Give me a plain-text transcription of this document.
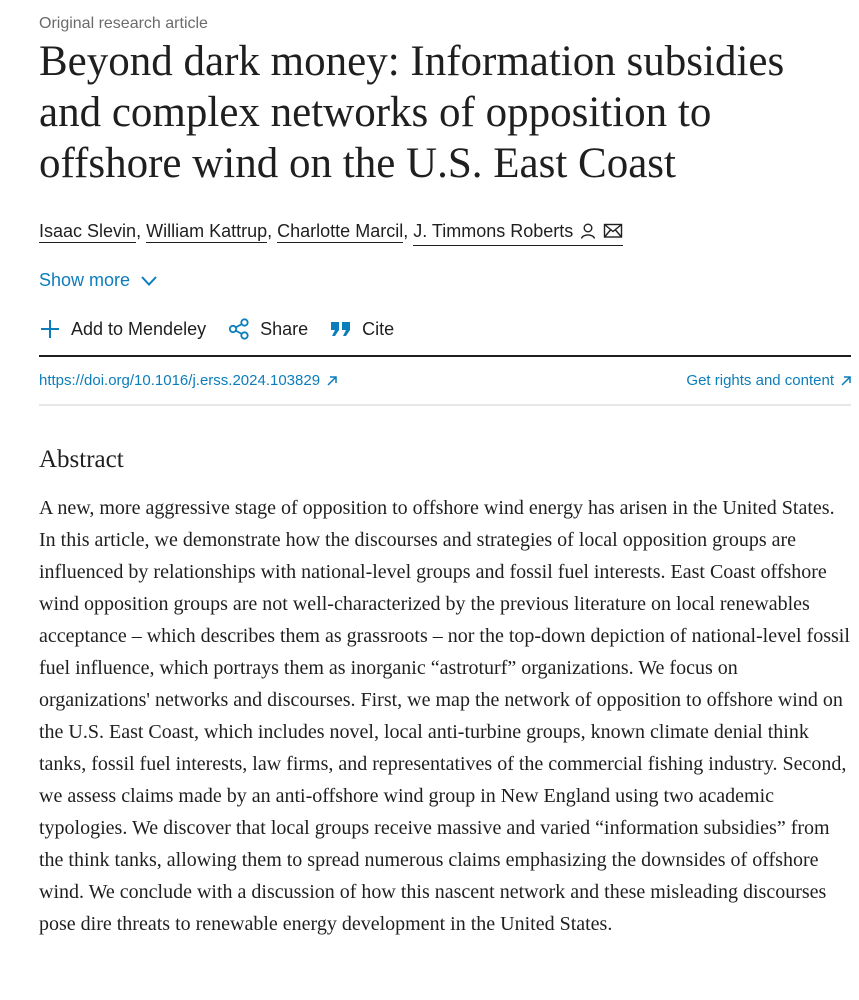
Original research article
Beyond dark money: Information subsidies and complex networks of opposition to offshore wind on the U.S. East Coast
Isaac Slevin, William Kattrup, Charlotte Marcil, J. Timmons Roberts
Show more
Add to Mendeley	Share	Cite
https://doi.org/10.1016/j.erss.2024.103829	Get rights and content
Abstract

A new, more aggressive stage of opposition to offshore wind energy has arisen in the United States. In this article, we demonstrate how the discourses and strategies of local opposition groups are influenced by relationships with national-level groups and fossil fuel interests. East Coast offshore wind opposition groups are not well-characterized by the previous literature on local renewables acceptance – which describes them as grassroots – nor the top-down depiction of national-level fossil fuel influence, which portrays them as inorganic “astroturf” organizations. We focus on organizations' networks and discourses. First, we map the network of opposition to offshore wind on the U.S. East Coast, which includes novel, local anti-turbine groups, known climate denial think tanks, fossil fuel interests, law firms, and representatives of the commercial fishing industry. Second, we assess claims made by an anti-offshore wind group in New England using two academic typologies. We discover that local groups receive massive and varied “information subsidies” from the think tanks, allowing them to spread numerous claims emphasizing the downsides of offshore wind. We conclude with a discussion of how this nascent network and these misleading discourses pose dire threats to renewable energy development in the United States.
